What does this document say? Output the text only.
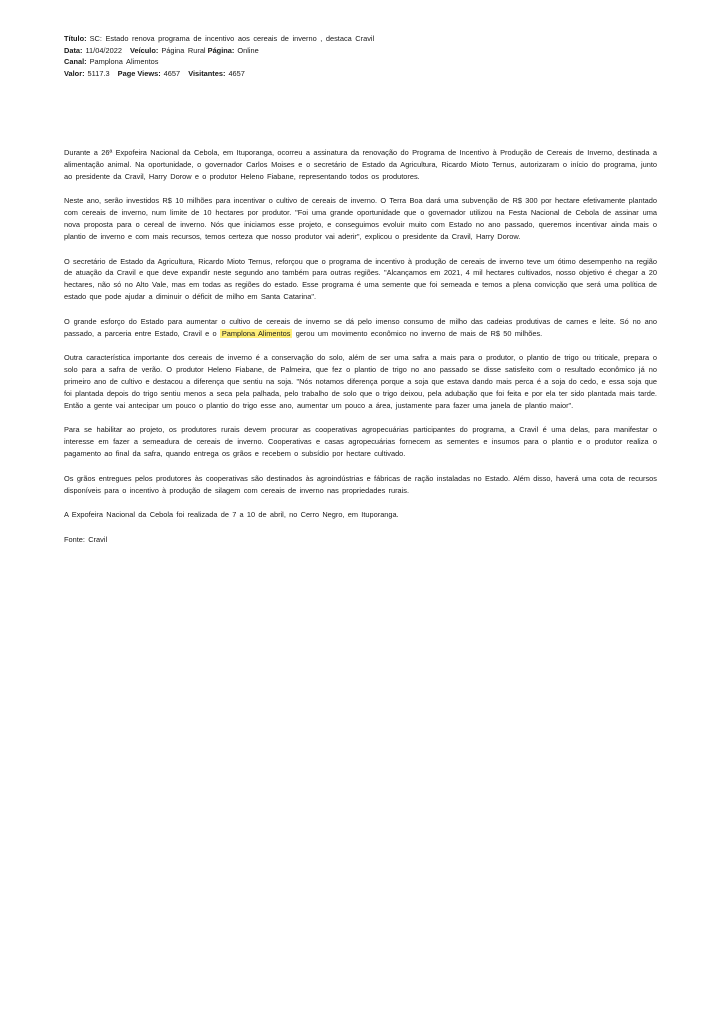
Título: SC: Estado renova programa de incentivo aos cereais de inverno , destaca Cravil
Data: 11/04/2022 Veículo: Página Rural Página: Online
Canal: Pamplona Alimentos
Valor: 5117.3 Page Views: 4657 Visitantes: 4657

Durante a 26ª Expofeira Nacional da Cebola, em Ituporanga, ocorreu a assinatura da renovação do Programa de Incentivo à Produção de Cereais de Inverno, destinada a alimentação animal. Na oportunidade, o governador Carlos Moises e o secretário de Estado da Agricultura, Ricardo Mioto Ternus, autorizaram o início do programa, junto ao presidente da Cravil, Harry Dorow e o produtor Heleno Fiabane, representando todos os produtores.

Neste ano, serão investidos R$ 10 milhões para incentivar o cultivo de cereais de inverno. O Terra Boa dará uma subvenção de R$ 300 por hectare efetivamente plantado com cereais de inverno, num limite de 10 hectares por produtor. "Foi uma grande oportunidade que o governador utilizou na Festa Nacional de Cebola de assinar uma nova proposta para o cereal de inverno. Nós que iniciamos esse projeto, e conseguimos evoluir muito com Estado no ano passado, queremos incentivar ainda mais o plantio de inverno e com mais recursos, temos certeza que nosso produtor vai aderir", explicou o presidente da Cravil, Harry Dorow.

O secretário de Estado da Agricultura, Ricardo Mioto Ternus, reforçou que o programa de incentivo à produção de cereais de inverno teve um ótimo desempenho na região de atuação da Cravil e que deve expandir neste segundo ano também para outras regiões. "Alcançamos em 2021, 4 mil hectares cultivados, nosso objetivo é chegar a 20 hectares, não só no Alto Vale, mas em todas as regiões do estado. Esse programa é uma semente que foi semeada e temos a plena convicção que será uma política de estado que pode ajudar a diminuir o déficit de milho em Santa Catarina".

O grande esforço do Estado para aumentar o cultivo de cereais de inverno se dá pelo imenso consumo de milho das cadeias produtivas de carnes e leite. Só no ano passado, a parceria entre Estado, Cravil e o Pamplona Alimentos gerou um movimento econômico no inverno de mais de R$ 50 milhões.

Outra característica importante dos cereais de inverno é a conservação do solo, além de ser uma safra a mais para o produtor, o plantio de trigo ou triticale, prepara o solo para a safra de verão. O produtor Heleno Fiabane, de Palmeira, que fez o plantio de trigo no ano passado se disse satisfeito com o resultado econômico já no primeiro ano de cultivo e destacou a diferença que sentiu na soja. "Nós notamos diferença porque a soja que estava dando mais perca é a soja do cedo, e essa soja que foi plantada depois do trigo sentiu menos a seca pela palhada, pelo trabalho de solo que o trigo deixou, pela adubação que foi feita e por ela ter sido plantada mais tarde. Então a gente vai antecipar um pouco o plantio do trigo esse ano, aumentar um pouco a área, justamente para fazer uma janela de plantio maior".

Para se habilitar ao projeto, os produtores rurais devem procurar as cooperativas agropecuárias participantes do programa, a Cravil é uma delas, para manifestar o interesse em fazer a semeadura de cereais de inverno. Cooperativas e casas agropecuárias fornecem as sementes e insumos para o plantio e o produtor realiza o pagamento ao final da safra, quando entrega os grãos e recebem o subsídio por hectare cultivado.

Os grãos entregues pelos produtores às cooperativas são destinados às agroindústrias e fábricas de ração instaladas no Estado. Além disso, haverá uma cota de recursos disponíveis para o incentivo à produção de silagem com cereais de inverno nas propriedades rurais.

A Expofeira Nacional da Cebola foi realizada de 7 a 10 de abril, no Cerro Negro, em Ituporanga.

Fonte: Cravil
